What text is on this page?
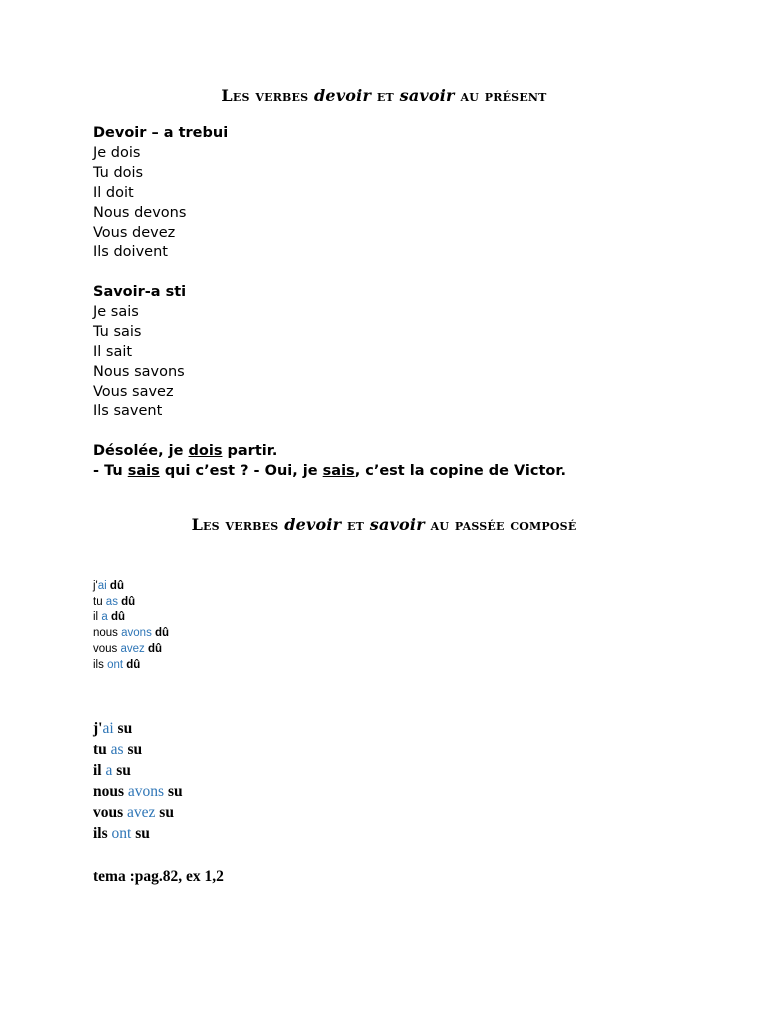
Les verbes devoir et savoir au présent
Devoir – a trebui
Je dois
Tu dois
Il doit
Nous devons
Vous devez
Ils doivent
Savoir-a sti
Je sais
Tu sais
Il sait
Nous savons
Vous savez
Ils savent
Désolée, je dois partir.
- Tu sais qui c’est ? - Oui, je sais, c’est la copine de Victor.
Les verbes devoir et savoir au passée composé
j'ai dû
tu as dû
il a dû
nous avons dû
vous avez dû
ils ont dû
j'ai su
tu as su
il a su
nous avons su
vous avez su
ils ont su
tema :pag.82, ex 1,2
